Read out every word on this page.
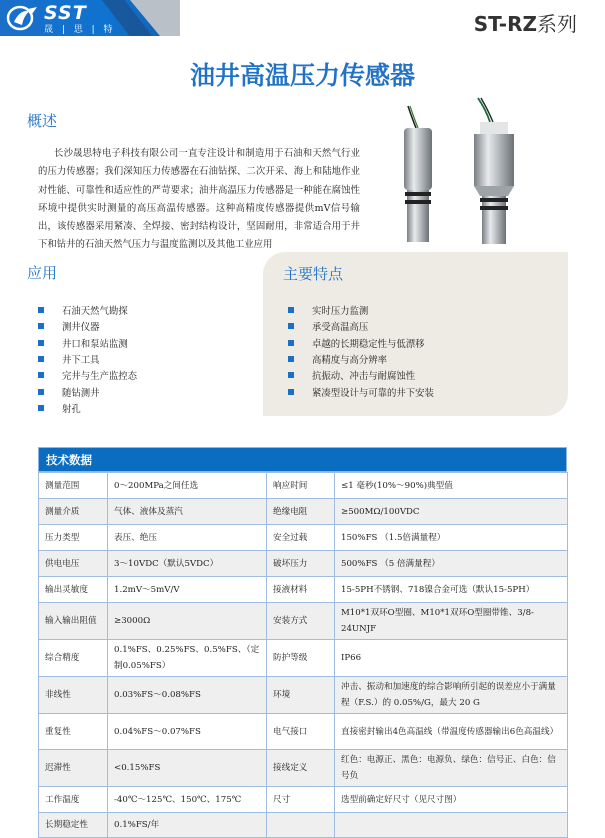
SST
晟 | 思 | 特	ST-RZ系列
油井高温压力传感器
概述

长沙晟思特电子科技有限公司一直专注设计和制造用于石油和天然气行业的压力传感器；我们深知压力传感器在石油钻探、二次开采、海上和陆地作业对性能、可靠性和适应性的严苛要求；油井高温压力传感器是一种能在腐蚀性环境中提供实时测量的高压高温传感器。这种高精度传感器提供mV信号输出，该传感器采用紧凑、全焊接、密封结构设计，坚固耐用，非常适合用于井下和钻井的石油天然气压力与温度监测以及其他工业应用

应用
石油天然气勘探
测井仪器
井口和泵站监测
井下工具
完井与生产监控态
随钻测井
射孔
主要特点
实时压力监测
承受高温高压
卓越的长期稳定性与低漂移
高精度与高分辨率
抗振动、冲击与耐腐蚀性
紧凑型设计与可靠的井下安装
技术数据
测量范围	0～200MPa之间任选	响应时间	≤1 毫秒(10%～90%)典型值
测量介质	气体、液体及蒸汽	绝缘电阻	≥500MΩ/100VDC
压力类型	表压、绝压	安全过载	150%FS （1.5倍满量程）
供电电压	3～10VDC（默认5VDC）	破坏压力	500%FS （5 倍满量程）
输出灵敏度	1.2mV～5mV/V	接液材料	15-5PH不锈钢、718镍合金可选（默认15-5PH）
输入输出阻值	≥3000Ω	安装方式	M10*1双环O型圈、M10*1双环O型圈带锥、3/8-24UNJF
综合精度	0.1%FS、0.25%FS、0.5%FS、（定制0.05%FS）	防护等级	IP66
非线性	0.03%FS～0.08%FS	环境	冲击、振动和加速度的综合影响所引起的误差应小于满量程（F.S.）的 0.05%/G，最大 20 G
重复性	0.04%FS～0.07%FS	电气接口	直接密封输出4色高温线（带温度传感器输出6色高温线）
迟滞性	<0.15%FS	接线定义	红色：电源正、黑色：电源负、绿色：信号正、白色：信号负
工作温度	-40℃～125℃、150℃、175℃	尺寸	选型前确定好尺寸（见尺寸图）
长期稳定性	0.1%FS/年		
